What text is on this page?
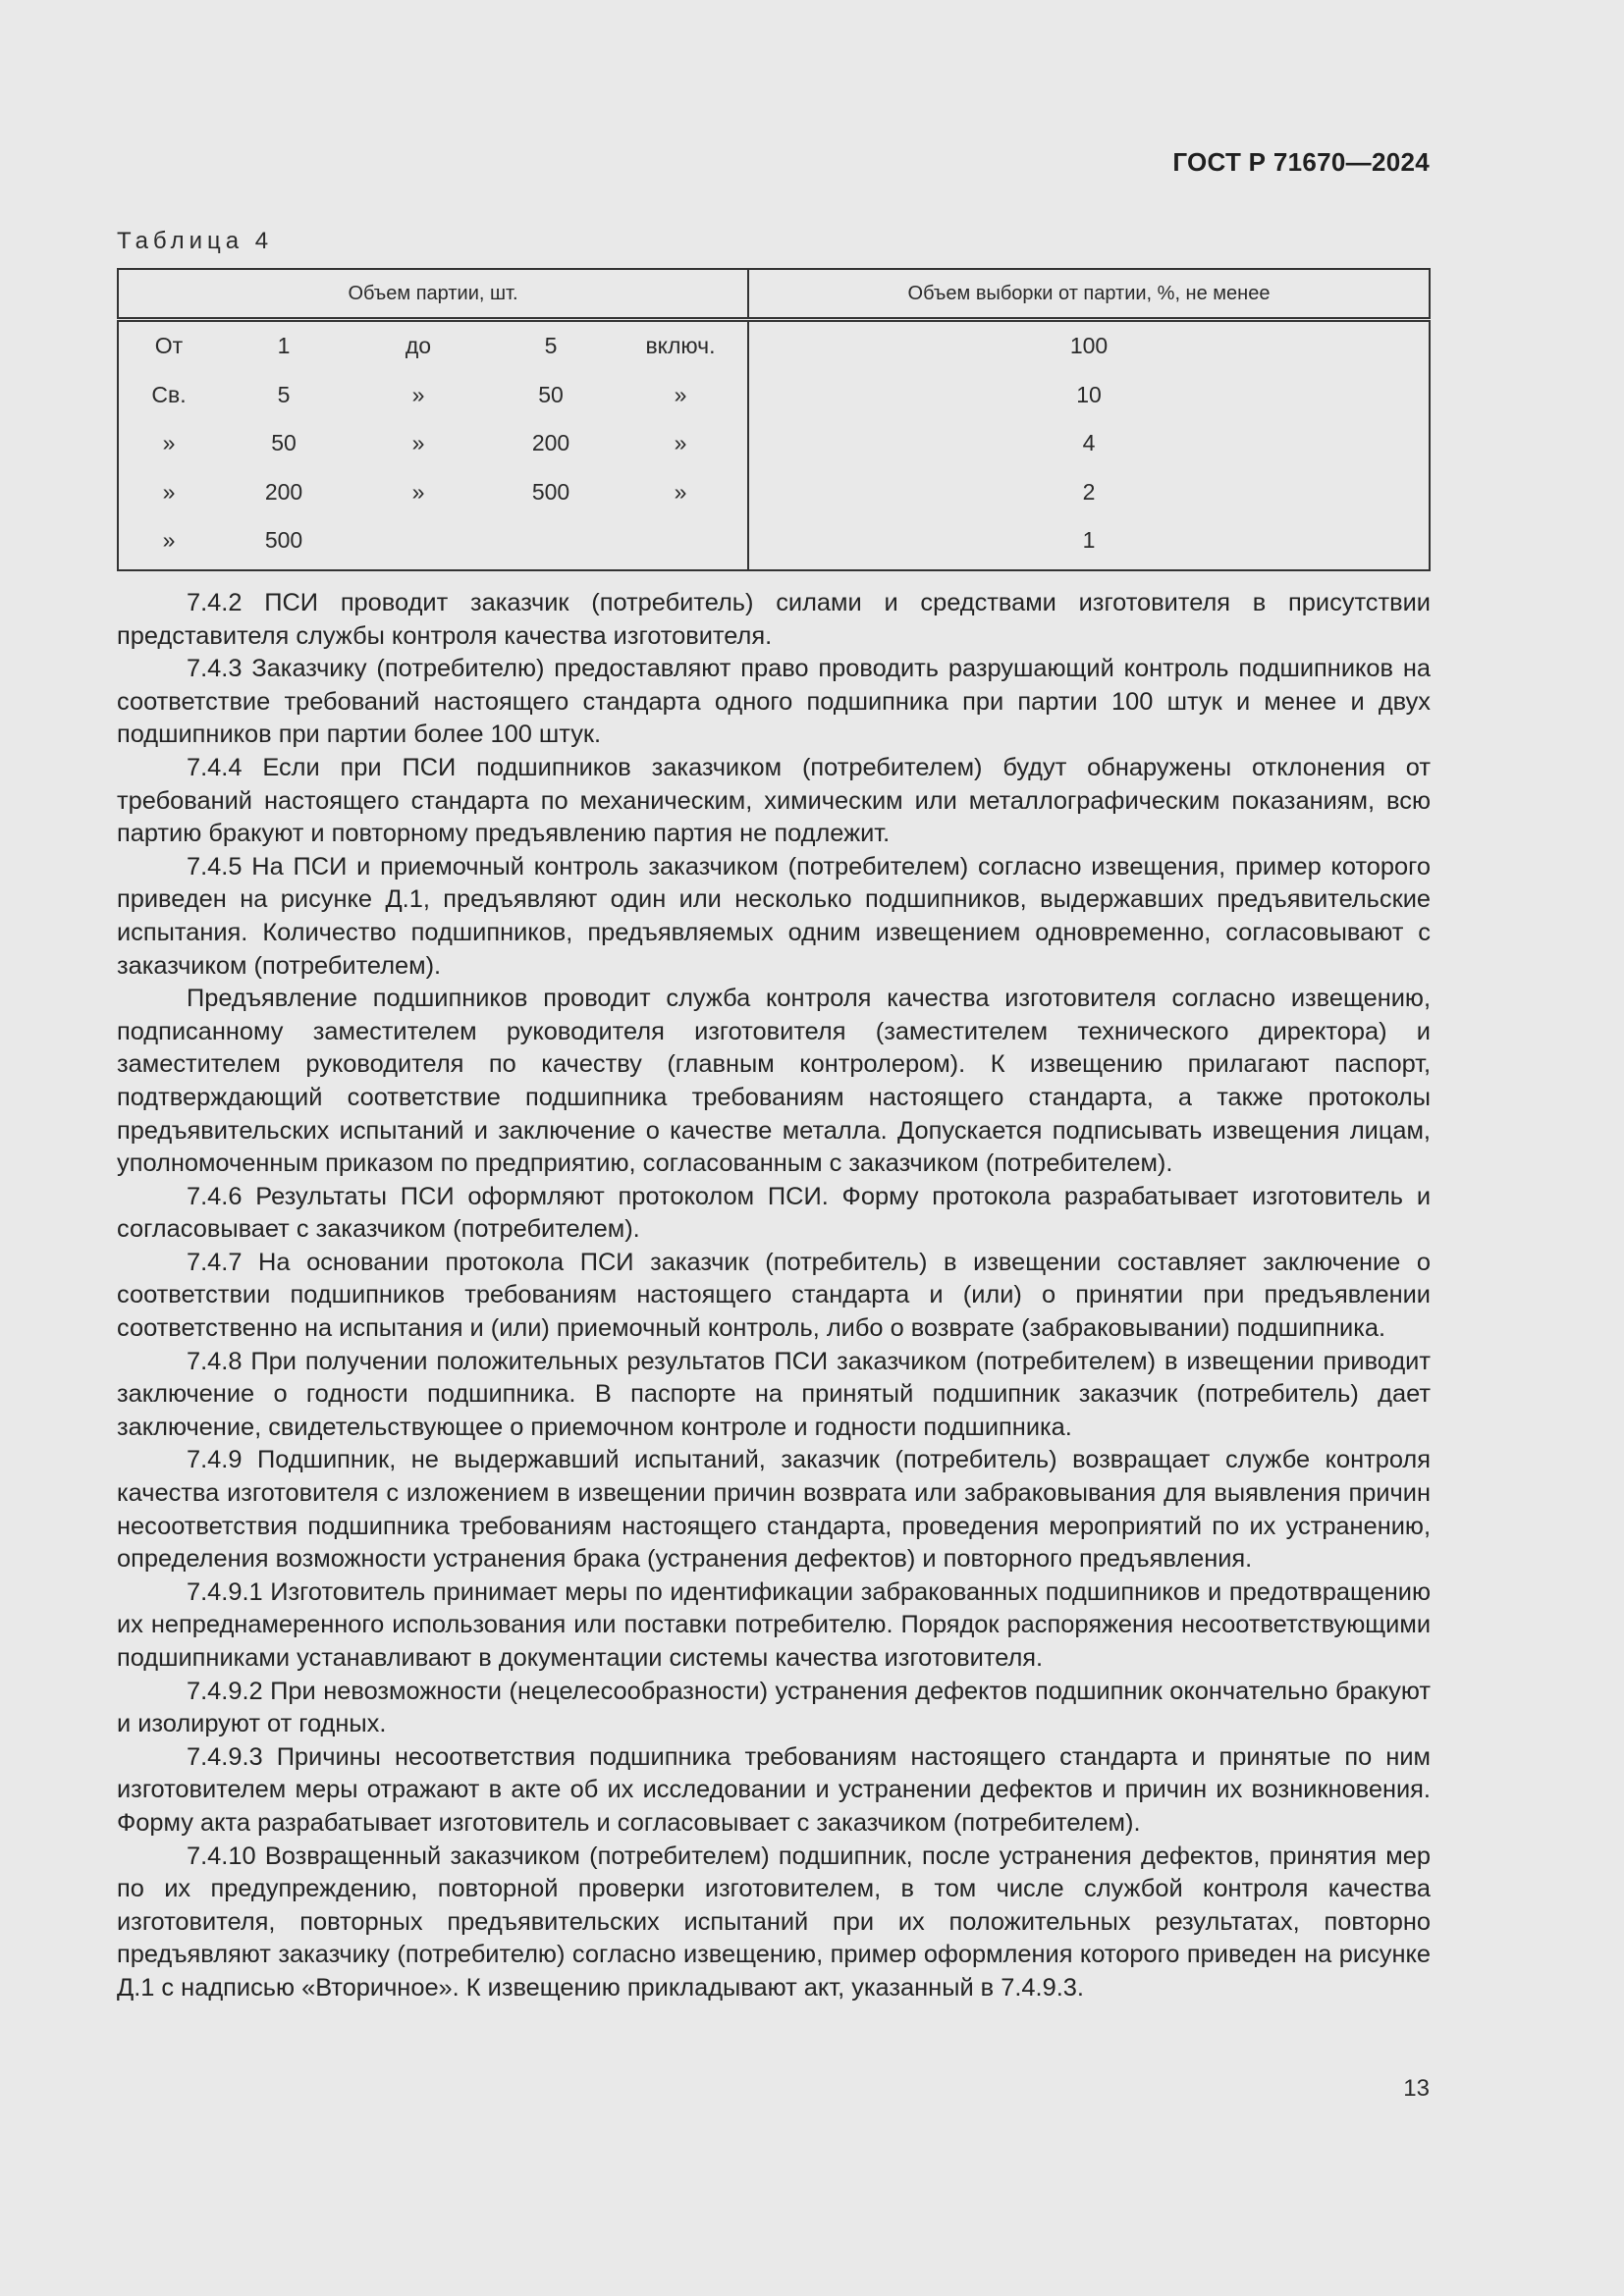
ГОСТ Р 71670—2024
Таблица 4
Объем партии, шт.					Объем выборки от партии, %, не менее
От	1	до	5	включ.	100
Св.	5	»	50	»	10
»	50	»	200	»	4
»	200	»	500	»	2
»	500				1

7.4.2 ПСИ проводит заказчик (потребитель) силами и средствами изготовителя в присутствии представителя службы контроля качества изготовителя.

7.4.3 Заказчику (потребителю) предоставляют право проводить разрушающий контроль подшипников на соответствие требований настоящего стандарта одного подшипника при партии 100 штук и менее и двух подшипников при партии более 100 штук.

7.4.4 Если при ПСИ подшипников заказчиком (потребителем) будут обнаружены отклонения от требований настоящего стандарта по механическим, химическим или металлографическим показаниям, всю партию бракуют и повторному предъявлению партия не подлежит.

7.4.5 На ПСИ и приемочный контроль заказчиком (потребителем) согласно извещения, пример которого приведен на рисунке Д.1, предъявляют один или несколько подшипников, выдержавших предъявительские испытания. Количество подшипников, предъявляемых одним извещением одновременно, согласовывают с заказчиком (потребителем).

Предъявление подшипников проводит служба контроля качества изготовителя согласно извещению, подписанному заместителем руководителя изготовителя (заместителем технического директора) и заместителем руководителя по качеству (главным контролером). К извещению прилагают паспорт, подтверждающий соответствие подшипника требованиям настоящего стандарта, а также протоколы предъявительских испытаний и заключение о качестве металла. Допускается подписывать извещения лицам, уполномоченным приказом по предприятию, согласованным с заказчиком (потребителем).

7.4.6 Результаты ПСИ оформляют протоколом ПСИ. Форму протокола разрабатывает изготовитель и согласовывает с заказчиком (потребителем).

7.4.7 На основании протокола ПСИ заказчик (потребитель) в извещении составляет заключение о соответствии подшипников требованиям настоящего стандарта и (или) о принятии при предъявлении соответственно на испытания и (или) приемочный контроль, либо о возврате (забраковывании) подшипника.

7.4.8 При получении положительных результатов ПСИ заказчиком (потребителем) в извещении приводит заключение о годности подшипника. В паспорте на принятый подшипник заказчик (потребитель) дает заключение, свидетельствующее о приемочном контроле и годности подшипника.

7.4.9 Подшипник, не выдержавший испытаний, заказчик (потребитель) возвращает службе контроля качества изготовителя с изложением в извещении причин возврата или забраковывания для выявления причин несоответствия подшипника требованиям настоящего стандарта, проведения мероприятий по их устранению, определения возможности устранения брака (устранения дефектов) и повторного предъявления.

7.4.9.1 Изготовитель принимает меры по идентификации забракованных подшипников и предотвращению их непреднамеренного использования или поставки потребителю. Порядок распоряжения несоответствующими подшипниками устанавливают в документации системы качества изготовителя.

7.4.9.2 При невозможности (нецелесообразности) устранения дефектов подшипник окончательно бракуют и изолируют от годных.

7.4.9.3 Причины несоответствия подшипника требованиям настоящего стандарта и принятые по ним изготовителем меры отражают в акте об их исследовании и устранении дефектов и причин их возникновения. Форму акта разрабатывает изготовитель и согласовывает с заказчиком (потребителем).

7.4.10 Возвращенный заказчиком (потребителем) подшипник, после устранения дефектов, принятия мер по их предупреждению, повторной проверки изготовителем, в том числе службой контроля качества изготовителя, повторных предъявительских испытаний при их положительных результатах, повторно предъявляют заказчику (потребителю) согласно извещению, пример оформления которого приведен на рисунке Д.1 с надписью «Вторичное». К извещению прикладывают акт, указанный в 7.4.9.3.

13
